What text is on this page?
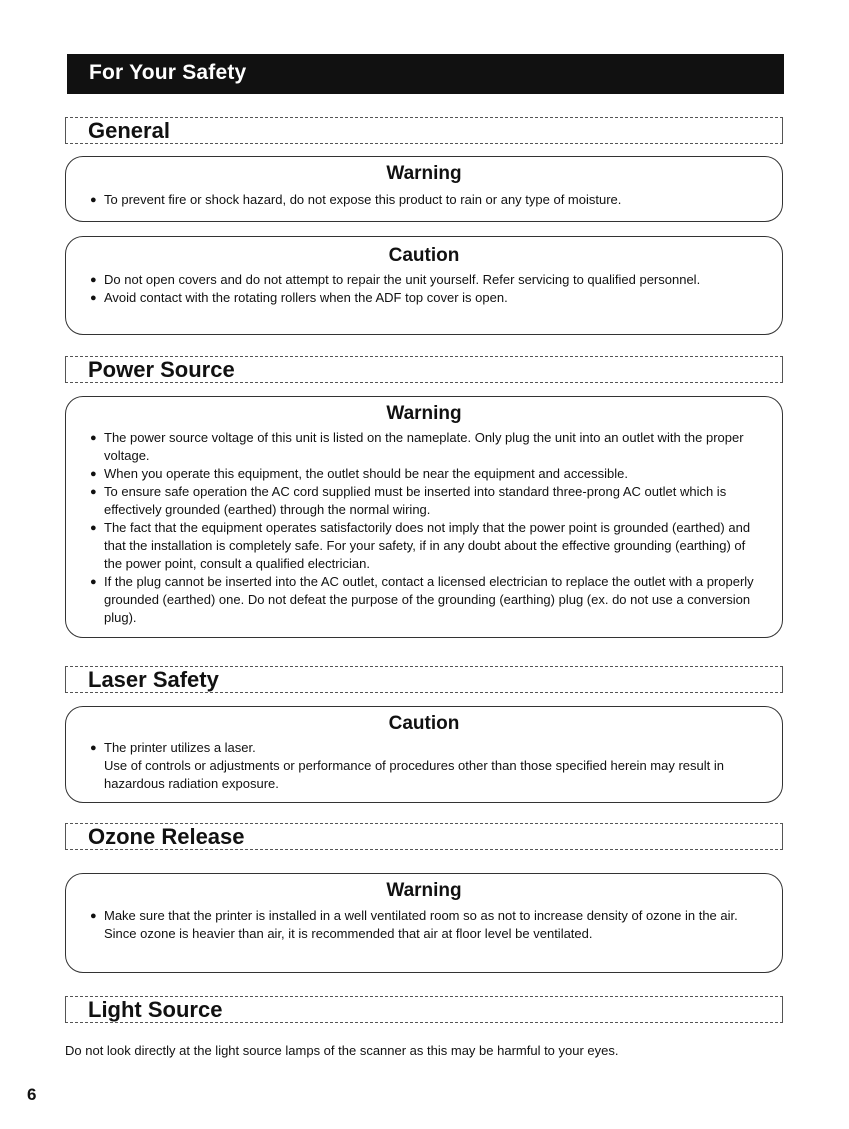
For Your Safety
General
Warning
● To prevent fire or shock hazard, do not expose this product to rain or any type of moisture.
Caution
● Do not open covers and do not attempt to repair the unit yourself. Refer servicing to qualified personnel.
● Avoid contact with the rotating rollers when the ADF top cover is open.
Power Source
Warning
● The power source voltage of this unit is listed on the nameplate. Only plug the unit into an outlet with the proper voltage.
● When you operate this equipment, the outlet should be near the equipment and accessible.
● To ensure safe operation the AC cord supplied must be inserted into standard three-prong AC outlet which is effectively grounded (earthed) through the normal wiring.
● The fact that the equipment operates satisfactorily does not imply that the power point is grounded (earthed) and that the installation is completely safe. For your safety, if in any doubt about the effective grounding (earthing) of the power point, consult a qualified electrician.
● If the plug cannot be inserted into the AC outlet, contact a licensed electrician to replace the outlet with a properly grounded (earthed) one. Do not defeat the purpose of the grounding (earthing) plug (ex. do not use a conversion plug).
Laser Safety
Caution
● The printer utilizes a laser.

Use of controls or adjustments or performance of procedures other than those specified herein may result in hazardous radiation exposure.

Ozone Release
Warning
● Make sure that the printer is installed in a well ventilated room so as not to increase density of ozone in the air. Since ozone is heavier than air, it is recommended that air at floor level be ventilated.
Light Source

Do not look directly at the light source lamps of the scanner as this may be harmful to your eyes.

6
